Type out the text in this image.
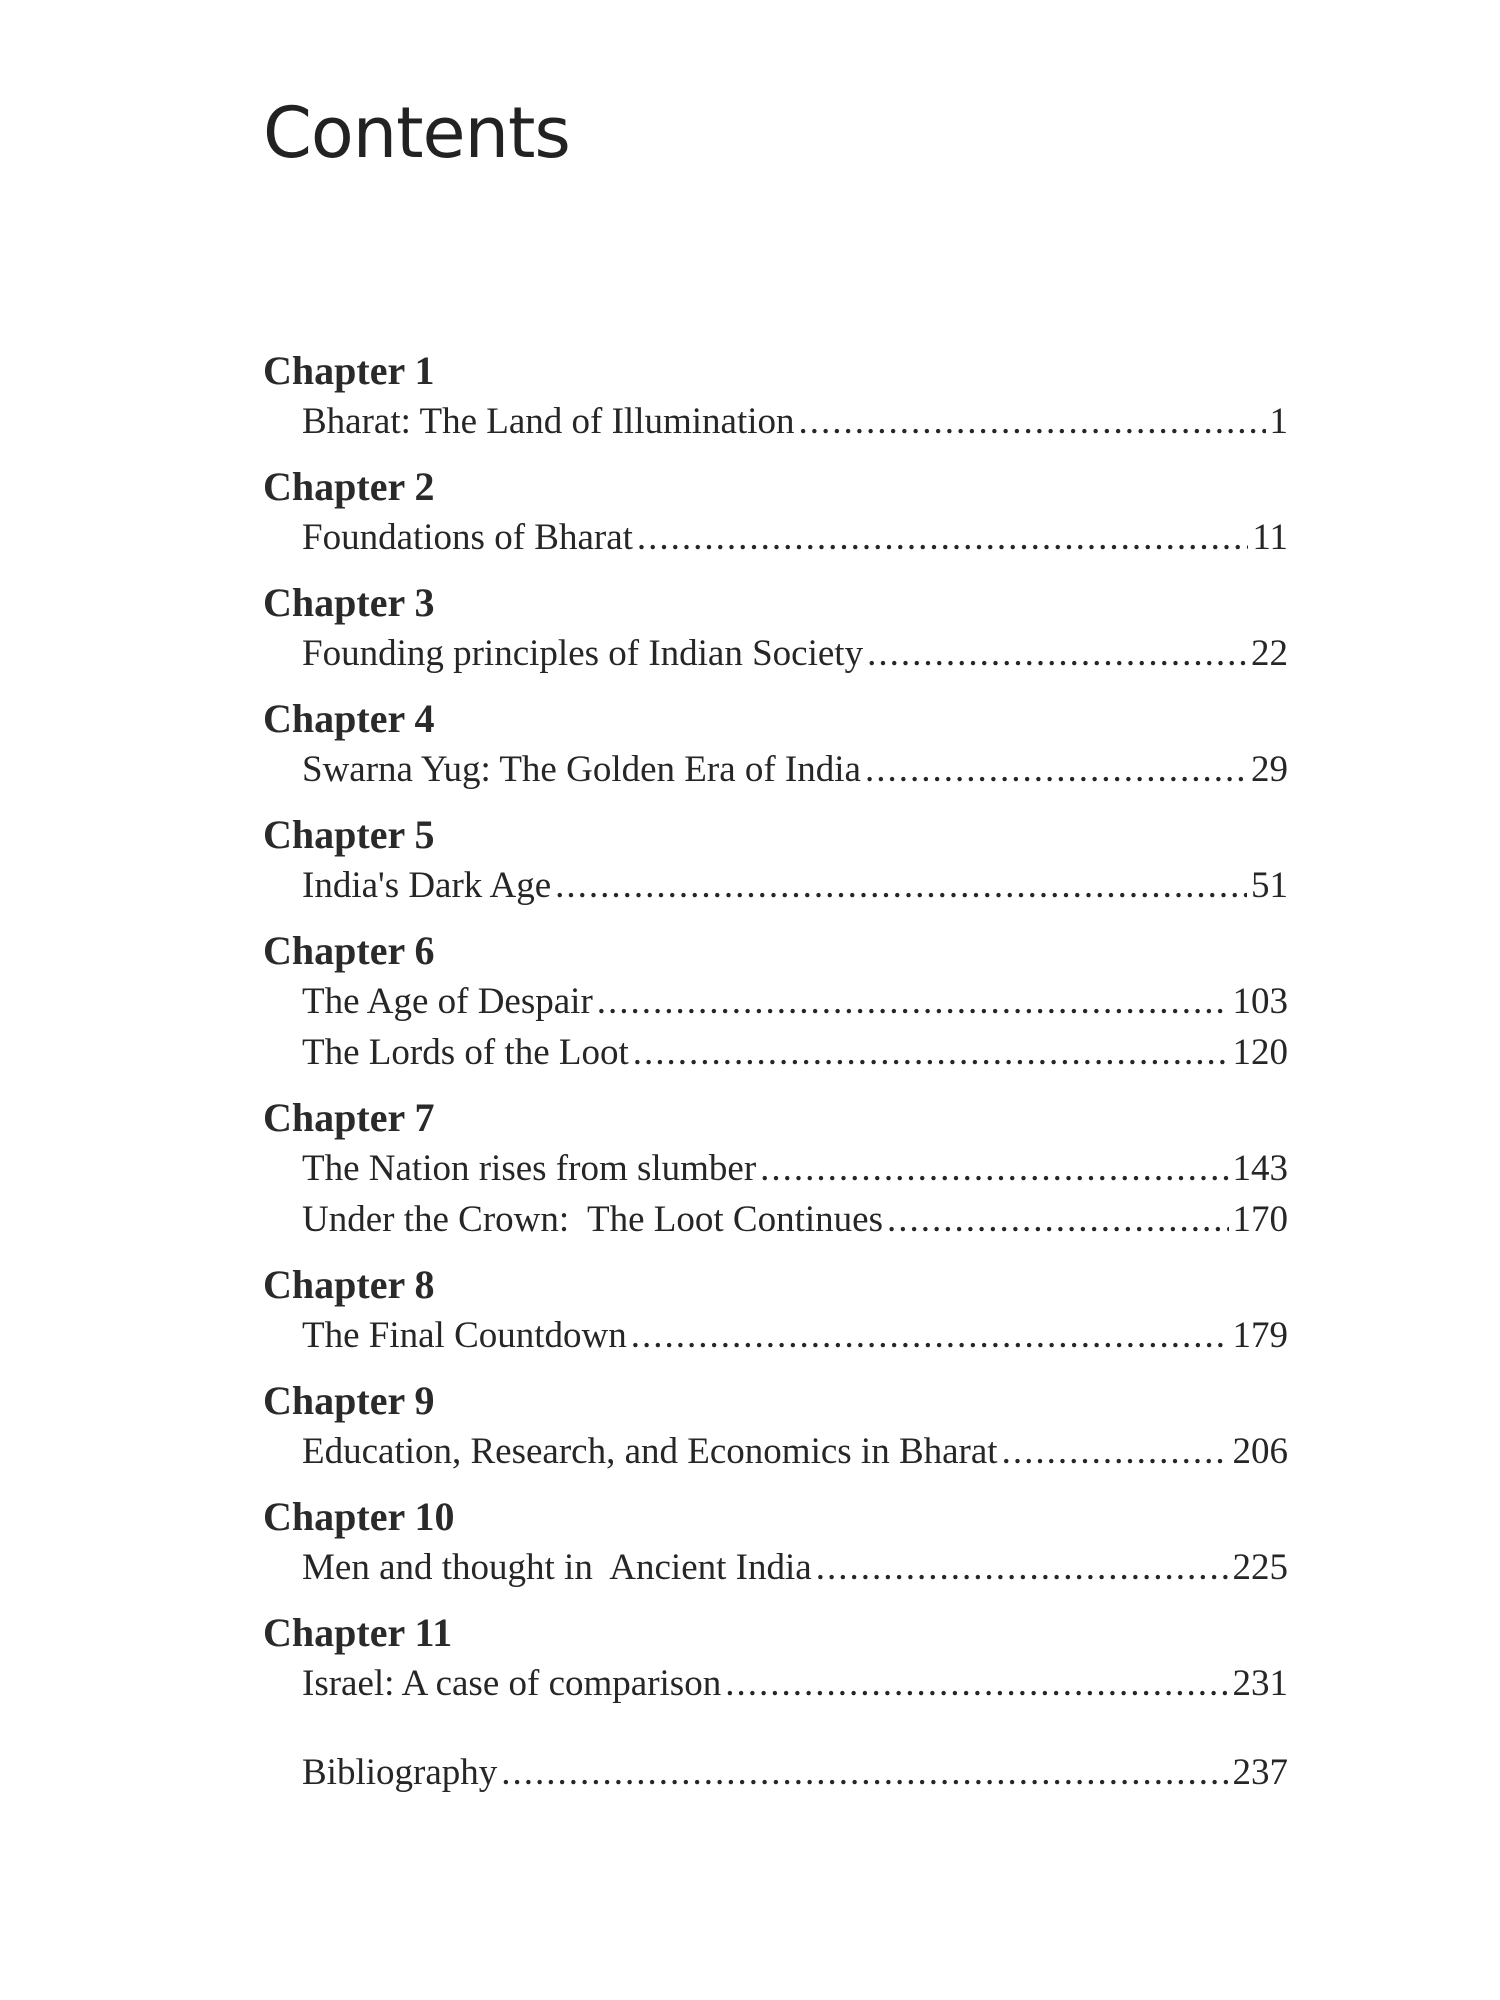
Contents
Chapter 1
Bharat: The Land of Illumination .....	1
Chapter 2
Foundations of Bharat .....	11
Chapter 3
Founding principles of Indian Society .....	22
Chapter 4
Swarna Yug: The Golden Era of India .....	29
Chapter 5
India's Dark Age .....	51
Chapter 6
The Age of Despair .....	103
The Lords of the Loot .....	120
Chapter 7
The Nation rises from slumber .....	143
Under the Crown:  The Loot Continues .....	170
Chapter 8
The Final Countdown .....	179
Chapter 9
Education, Research, and Economics in Bharat .....	206
Chapter 10
Men and thought in  Ancient India .....	225
Chapter 11
Israel: A case of comparison .....	231
Bibliography .....	237
